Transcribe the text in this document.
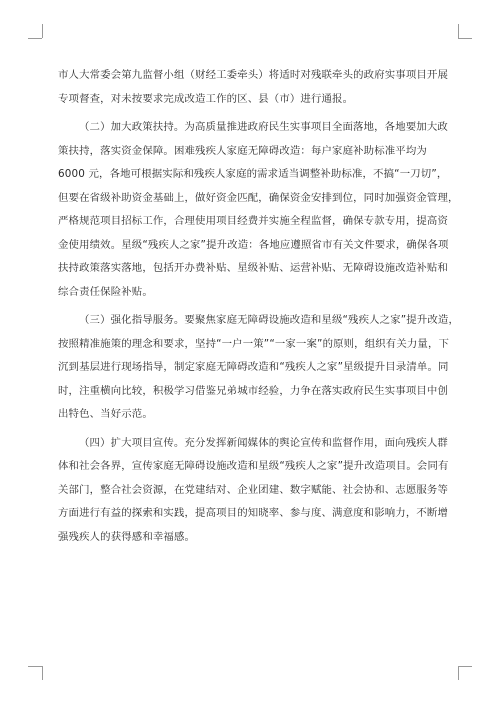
市人大常委会第九监督小组（财经工委牵头）将适时对残联牵头的政府实事项目开展
专项督查，对未按要求完成改造工作的区、县（市）进行通报。
（二）加大政策扶持。为高质量推进政府民生实事项目全面落地，各地要加大政
策扶持，落实资金保障。困难残疾人家庭无障碍改造：每户家庭补助标准平均为
6000 元，各地可根据实际和残疾人家庭的需求适当调整补助标准，不搞“一刀切”，
但要在省级补助资金基础上，做好资金匹配，确保资金安排到位，同时加强资金管理，
严格规范项目招标工作，合理使用项目经费并实施全程监督，确保专款专用，提高资
金使用绩效。星级“残疾人之家”提升改造：各地应遵照省市有关文件要求，确保各项
扶持政策落实落地，包括开办费补贴、星级补贴、运营补贴、无障碍设施改造补贴和
综合责任保险补贴。
（三）强化指导服务。要聚焦家庭无障碍设施改造和星级“残疾人之家”提升改造，
按照精准施策的理念和要求，坚持“一户一策”“一家一案”的原则，组织有关力量，下
沉到基层进行现场指导，制定家庭无障碍改造和“残疾人之家”星级提升目录清单。同
时，注重横向比较，积极学习借鉴兄弟城市经验，力争在落实政府民生实事项目中创
出特色、当好示范。
（四）扩大项目宣传。充分发挥新闻媒体的舆论宣传和监督作用，面向残疾人群
体和社会各界，宣传家庭无障碍设施改造和星级“残疾人之家”提升改造项目。会同有
关部门，整合社会资源，在党建结对、企业团建、数字赋能、社会协和、志愿服务等
方面进行有益的探索和实践，提高项目的知晓率、参与度、满意度和影响力，不断增
强残疾人的获得感和幸福感。
